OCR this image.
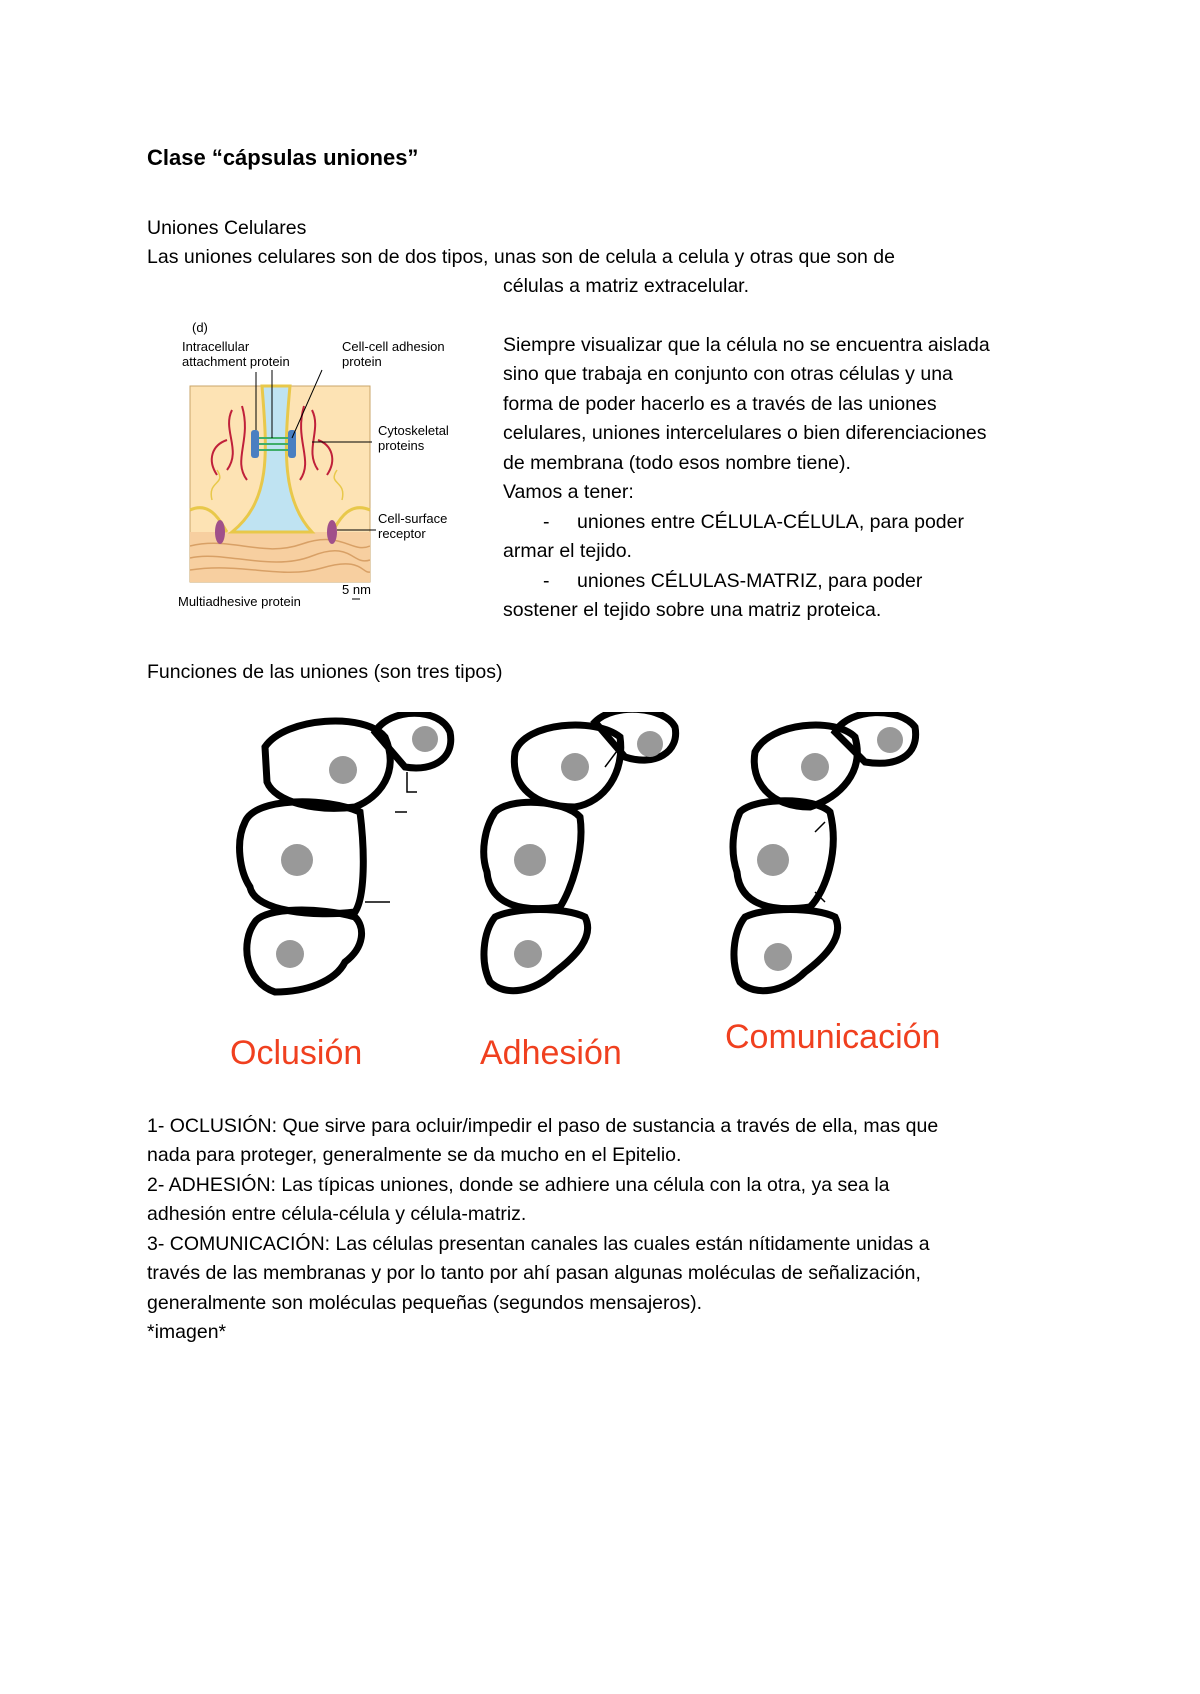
Clase “cápsulas uniones”
Uniones Celulares
Las uniones celulares son de dos tipos, unas son de celula a celula y otras que son de
células a matriz extracelular.
(d)
Intracellular
attachment protein
Cell-cell adhesion
protein
Cytoskeletal
proteins
Cell-surface
receptor
Multiadhesive protein
5 nm
Siempre visualizar que la célula no se encuentra aislada
sino que trabaja en conjunto con otras células y una
forma de poder hacerlo es a través de las uniones
celulares, uniones intercelulares o bien diferenciaciones
de membrana (todo esos nombre tiene).
Vamos a tener:
- uniones entre CÉLULA-CÉLULA, para poder
armar el tejido.
- uniones CÉLULAS-MATRIZ, para poder
sostener el tejido sobre una matriz proteica.
Funciones de las uniones (son tres tipos)
Oclusión	Adhesión	Comunicación
1- OCLUSIÓN: Que sirve para ocluir/impedir el paso de sustancia a través de ella, mas que
nada para proteger, generalmente se da mucho en el Epitelio.
2- ADHESIÓN: Las típicas uniones, donde se adhiere una célula con la otra, ya sea la
adhesión entre célula-célula y célula-matriz.
3- COMUNICACIÓN: Las células presentan canales las cuales están nítidamente unidas a
través de las membranas y por lo tanto por ahí pasan algunas moléculas de señalización,
generalmente son moléculas pequeñas (segundos mensajeros).
*imagen*
